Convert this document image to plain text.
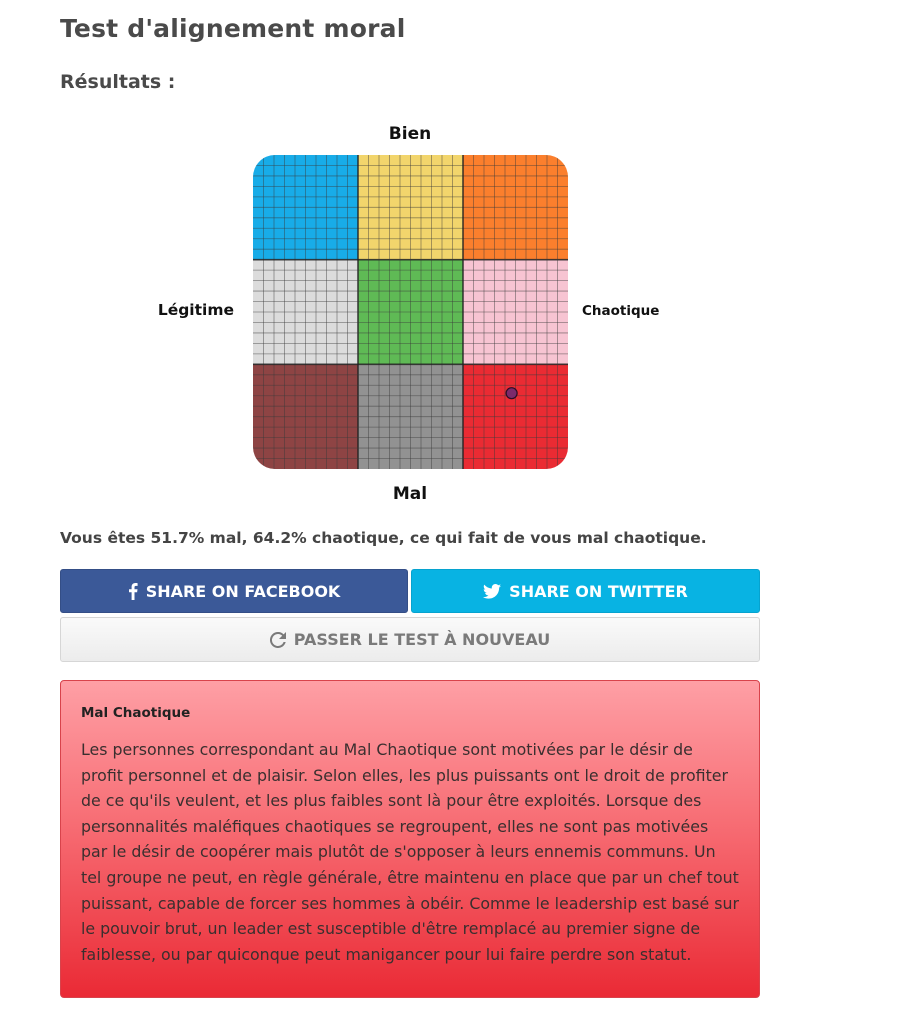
Test d'alignement moral
Résultats :
Bien
Mal
Légitime	Chaotique

Vous êtes 51.7% mal, 64.2% chaotique, ce qui fait de vous mal chaotique.

SHARE ON FACEBOOK	SHARE ON TWITTER
PASSER LE TEST À NOUVEAU
Mal Chaotique

Les personnes correspondant au Mal Chaotique sont motivées par le désir de profit personnel et de plaisir. Selon elles, les plus puissants ont le droit de profiter de ce qu'ils veulent, et les plus faibles sont là pour être exploités. Lorsque des personnalités maléfiques chaotiques se regroupent, elles ne sont pas motivées par le désir de coopérer mais plutôt de s'opposer à leurs ennemis communs. Un tel groupe ne peut, en règle générale, être maintenu en place que par un chef tout puissant, capable de forcer ses hommes à obéir. Comme le leadership est basé sur le pouvoir brut, un leader est susceptible d'être remplacé au premier signe de faiblesse, ou par quiconque peut manigancer pour lui faire perdre son statut.
